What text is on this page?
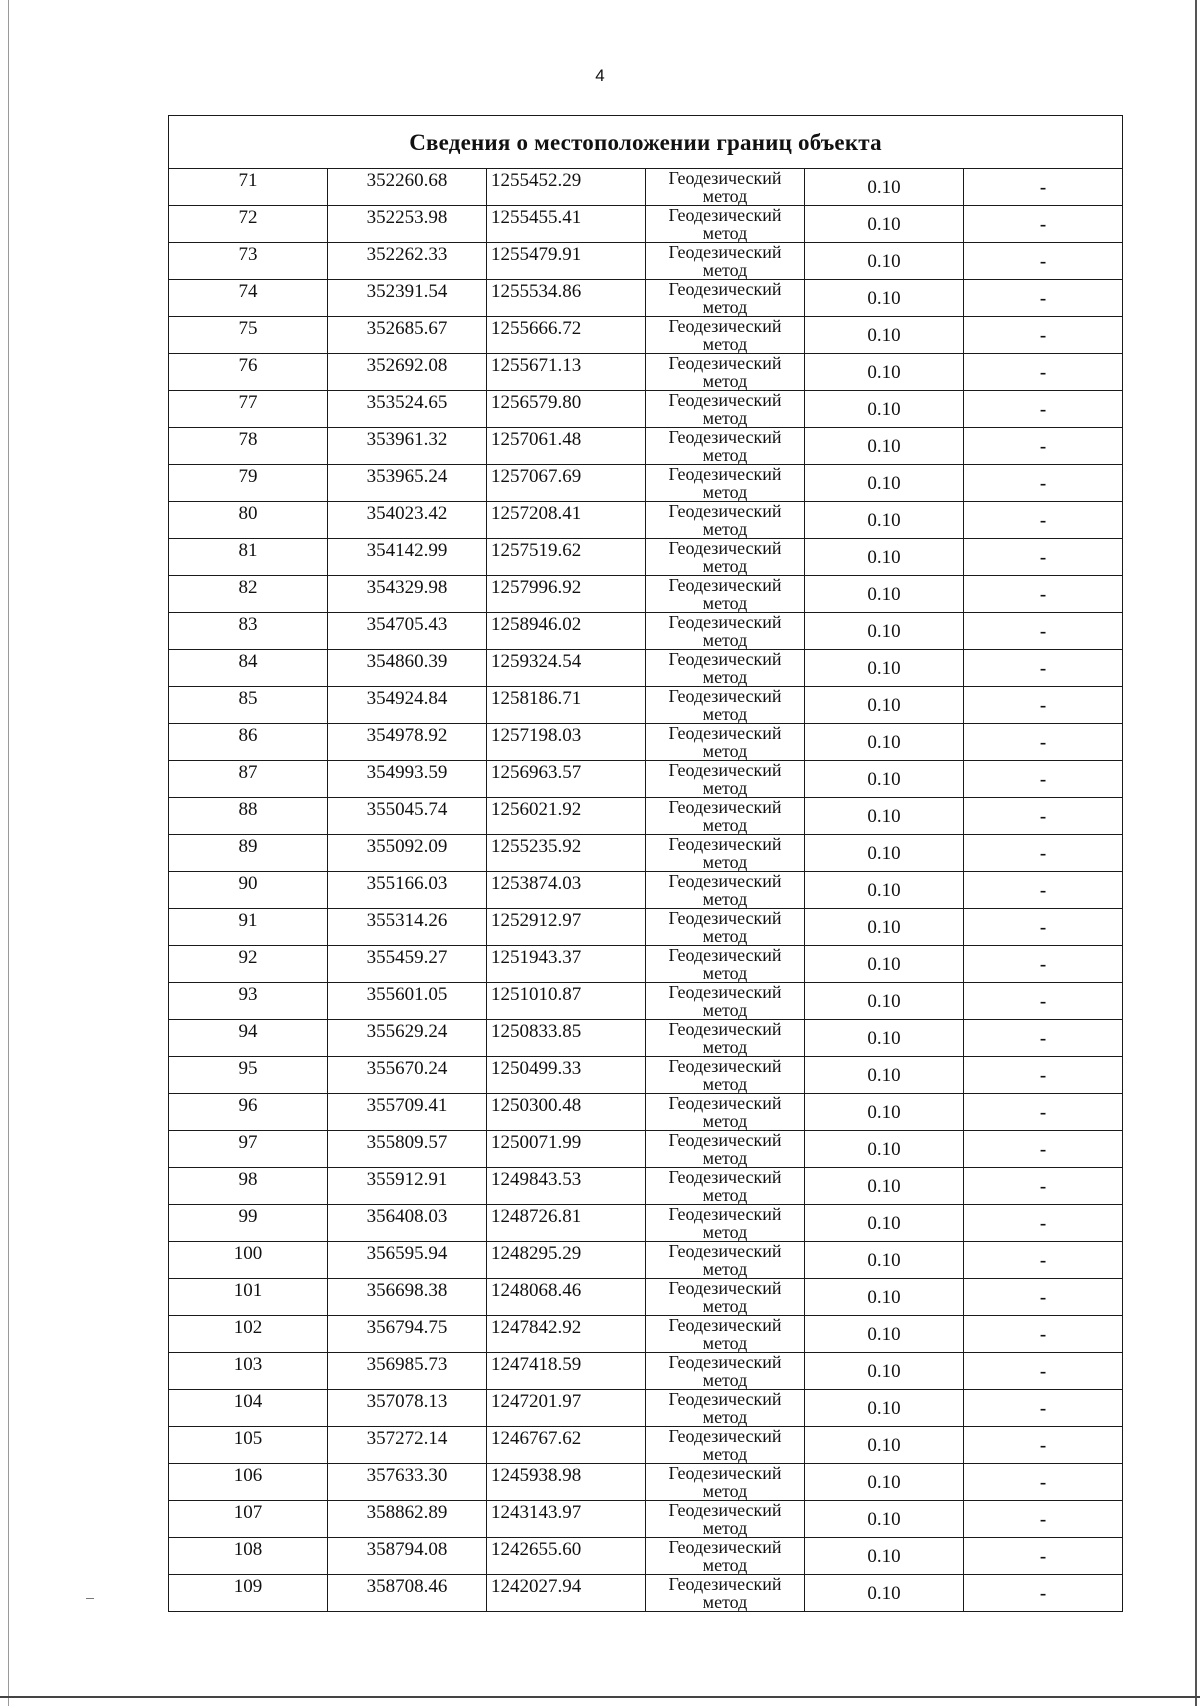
4
Сведения о местоположении границ объекта					
71	352260.68	1255452.29	Геодезический метод	0.10	-
72	352253.98	1255455.41	Геодезический метод	0.10	-
73	352262.33	1255479.91	Геодезический метод	0.10	-
74	352391.54	1255534.86	Геодезический метод	0.10	-
75	352685.67	1255666.72	Геодезический метод	0.10	-
76	352692.08	1255671.13	Геодезический метод	0.10	-
77	353524.65	1256579.80	Геодезический метод	0.10	-
78	353961.32	1257061.48	Геодезический метод	0.10	-
79	353965.24	1257067.69	Геодезический метод	0.10	-
80	354023.42	1257208.41	Геодезический метод	0.10	-
81	354142.99	1257519.62	Геодезический метод	0.10	-
82	354329.98	1257996.92	Геодезический метод	0.10	-
83	354705.43	1258946.02	Геодезический метод	0.10	-
84	354860.39	1259324.54	Геодезический метод	0.10	-
85	354924.84	1258186.71	Геодезический метод	0.10	-
86	354978.92	1257198.03	Геодезический метод	0.10	-
87	354993.59	1256963.57	Геодезический метод	0.10	-
88	355045.74	1256021.92	Геодезический метод	0.10	-
89	355092.09	1255235.92	Геодезический метод	0.10	-
90	355166.03	1253874.03	Геодезический метод	0.10	-
91	355314.26	1252912.97	Геодезический метод	0.10	-
92	355459.27	1251943.37	Геодезический метод	0.10	-
93	355601.05	1251010.87	Геодезический метод	0.10	-
94	355629.24	1250833.85	Геодезический метод	0.10	-
95	355670.24	1250499.33	Геодезический метод	0.10	-
96	355709.41	1250300.48	Геодезический метод	0.10	-
97	355809.57	1250071.99	Геодезический метод	0.10	-
98	355912.91	1249843.53	Геодезический метод	0.10	-
99	356408.03	1248726.81	Геодезический метод	0.10	-
100	356595.94	1248295.29	Геодезический метод	0.10	-
101	356698.38	1248068.46	Геодезический метод	0.10	-
102	356794.75	1247842.92	Геодезический метод	0.10	-
103	356985.73	1247418.59	Геодезический метод	0.10	-
104	357078.13	1247201.97	Геодезический метод	0.10	-
105	357272.14	1246767.62	Геодезический метод	0.10	-
106	357633.30	1245938.98	Геодезический метод	0.10	-
107	358862.89	1243143.97	Геодезический метод	0.10	-
108	358794.08	1242655.60	Геодезический метод	0.10	-
109	358708.46	1242027.94	Геодезический метод	0.10	-
